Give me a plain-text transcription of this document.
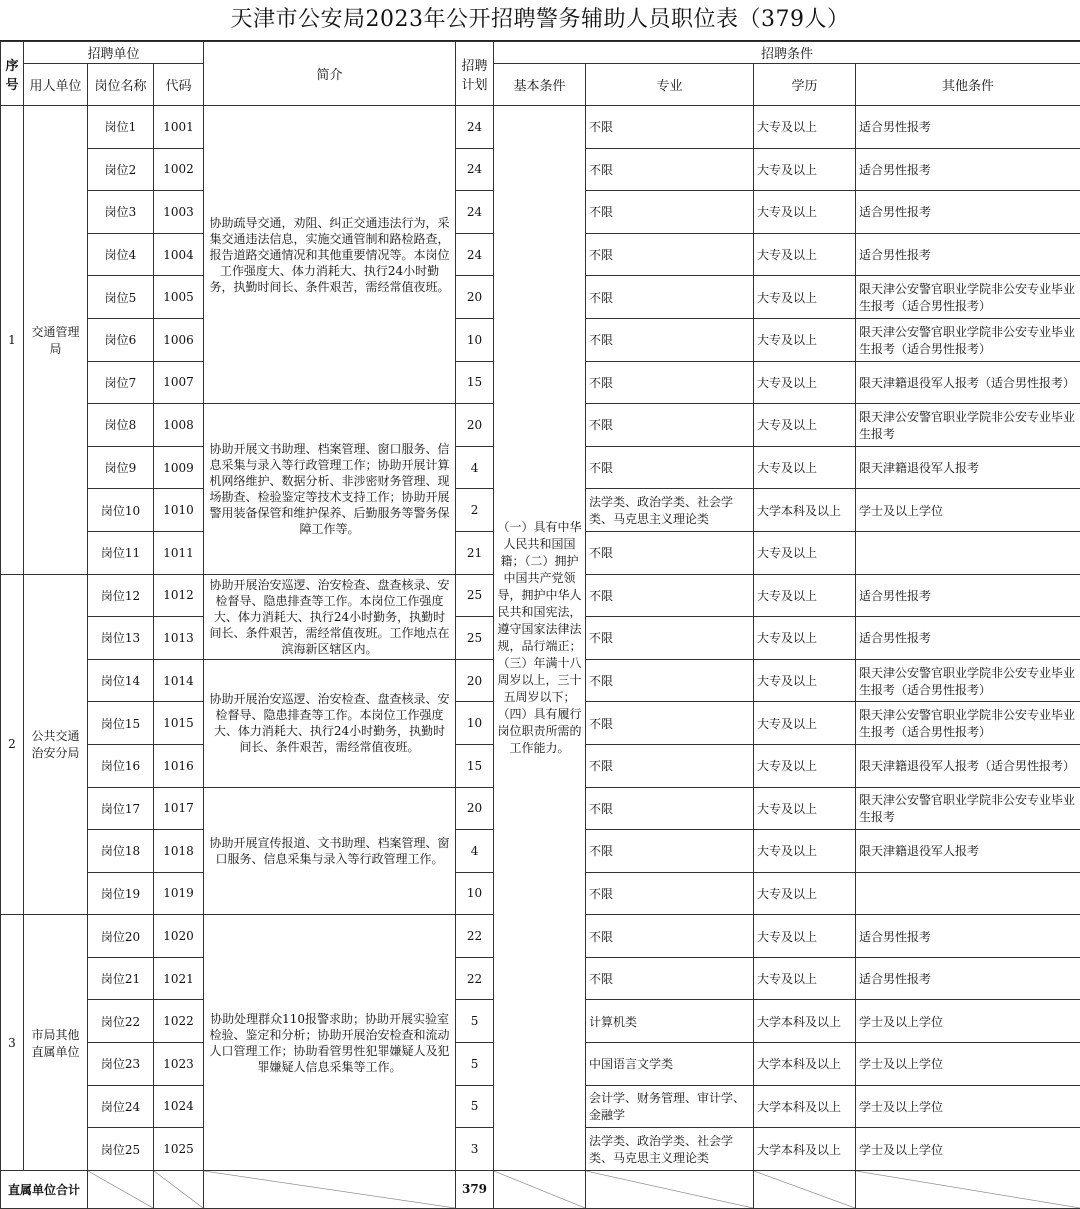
天津市公安局2023年公开招聘警务辅助人员职位表（379人）
序号	招聘单位			简介	招聘计划	招聘条件			
	用人单位	岗位名称	代码			基本条件	专业	学历	其他条件
1	交通管理局	岗位1	1001	协助疏导交通，劝阻、纠正交通违法行为，采集交通违法信息，实施交通管制和路检路查，报告道路交通情况和其他重要情况等。本岗位工作强度大、体力消耗大、执行24小时勤务，执勤时间长、条件艰苦，需经常值夜班。	24	（一）具有中华人民共和国国籍；（二）拥护中国共产党领导，拥护中华人民共和国宪法，遵守国家法律法规，品行端正；（三）年满十八周岁以上，三十五周岁以下；（四）具有履行岗位职责所需的工作能力。	不限	大专及以上	适合男性报考
		岗位2	1002		24		不限	大专及以上	适合男性报考
		岗位3	1003		24		不限	大专及以上	适合男性报考
		岗位4	1004		24		不限	大专及以上	适合男性报考
		岗位5	1005		20		不限	大专及以上	限天津公安警官职业学院非公安专业毕业生报考（适合男性报考）
		岗位6	1006		10		不限	大专及以上	限天津公安警官职业学院非公安专业毕业生报考（适合男性报考）
		岗位7	1007		15		不限	大专及以上	限天津籍退役军人报考（适合男性报考）
		岗位8	1008	协助开展文书助理、档案管理、窗口服务、信息采集与录入等行政管理工作；协助开展计算机网络维护、数据分析、非涉密财务管理、现场勘查、检验鉴定等技术支持工作；协助开展警用装备保管和维护保养、后勤服务等警务保障工作等。	20		不限	大专及以上	限天津公安警官职业学院非公安专业毕业生报考
		岗位9	1009		4		不限	大专及以上	限天津籍退役军人报考
		岗位10	1010		2		法学类、政治学类、社会学类、马克思主义理论类	大学本科及以上	学士及以上学位
		岗位11	1011		21		不限	大专及以上	
2	公共交通治安分局	岗位12	1012	协助开展治安巡逻、治安检查、盘查核录、安检督导、隐患排查等工作。本岗位工作强度大、体力消耗大、执行24小时勤务，执勤时间长、条件艰苦，需经常值夜班。工作地点在滨海新区辖区内。	25		不限	大专及以上	适合男性报考
		岗位13	1013		25		不限	大专及以上	适合男性报考
		岗位14	1014	协助开展治安巡逻、治安检查、盘查核录、安检督导、隐患排查等工作。本岗位工作强度大、体力消耗大、执行24小时勤务，执勤时间长、条件艰苦，需经常值夜班。	20		不限	大专及以上	限天津公安警官职业学院非公安专业毕业生报考（适合男性报考）
		岗位15	1015		10		不限	大专及以上	限天津公安警官职业学院非公安专业毕业生报考（适合男性报考）
		岗位16	1016		15		不限	大专及以上	限天津籍退役军人报考（适合男性报考）
		岗位17	1017	协助开展宣传报道、文书助理、档案管理、窗口服务、信息采集与录入等行政管理工作。	20		不限	大专及以上	限天津公安警官职业学院非公安专业毕业生报考
		岗位18	1018		4		不限	大专及以上	限天津籍退役军人报考
		岗位19	1019		10		不限	大专及以上	
3	市局其他直属单位	岗位20	1020	协助处理群众110报警求助；协助开展实验室检验、鉴定和分析；协助开展治安检查和流动人口管理工作；协助看管男性犯罪嫌疑人及犯罪嫌疑人信息采集等工作。	22		不限	大专及以上	适合男性报考
		岗位21	1021		22		不限	大专及以上	适合男性报考
		岗位22	1022		5		计算机类	大学本科及以上	学士及以上学位
		岗位23	1023		5		中国语言文学类	大学本科及以上	学士及以上学位
		岗位24	1024		5		会计学、财务管理、审计学、金融学	大学本科及以上	学士及以上学位
		岗位25	1025		3		法学类、政治学类、社会学类、马克思主义理论类	大学本科及以上	学士及以上学位
直属单位合计					379				
